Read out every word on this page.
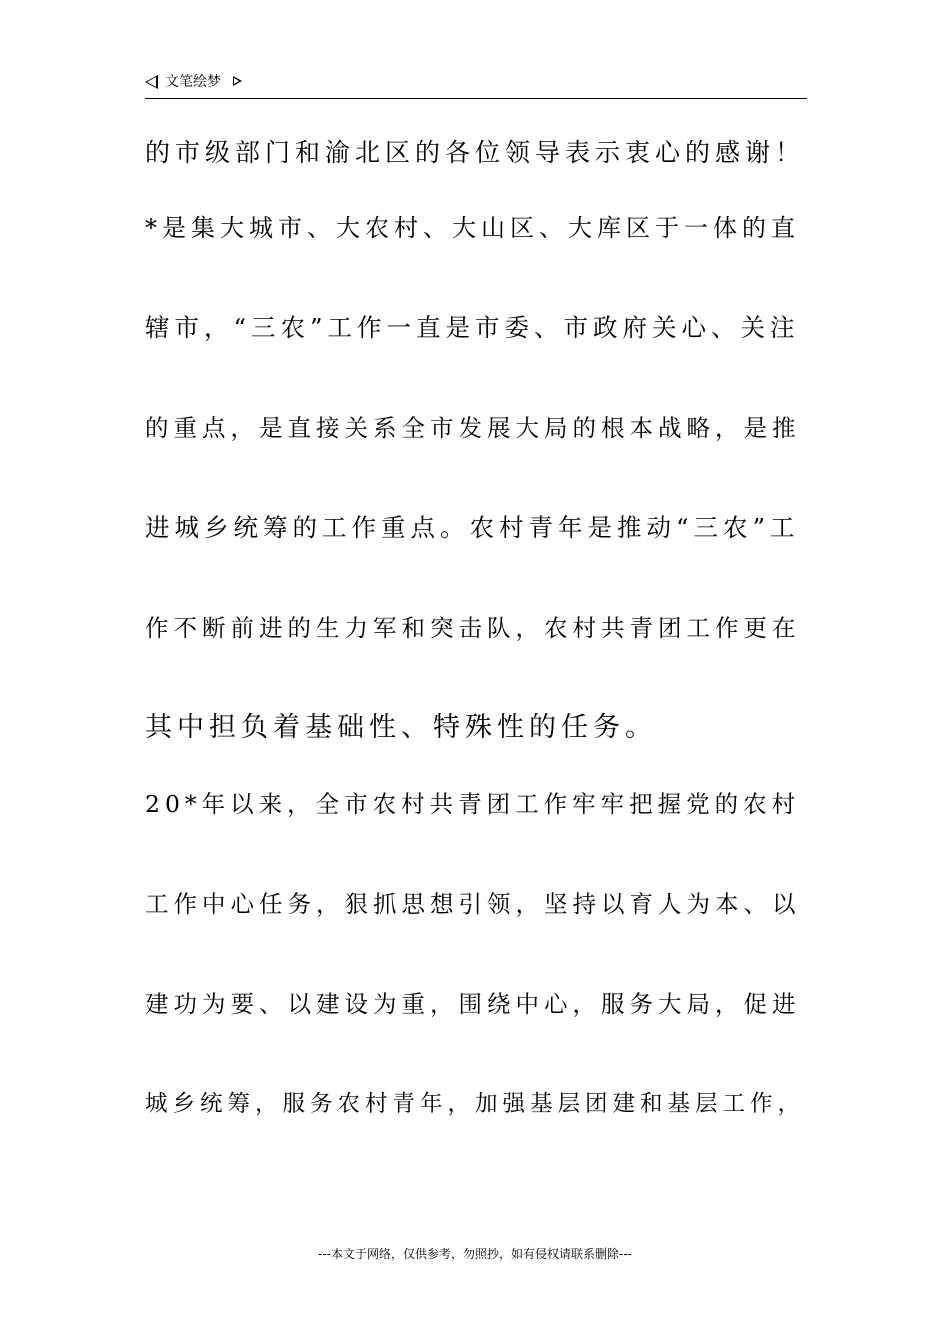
文笔绘梦
的市级部门和渝北区的各位领导表示衷心的感谢！
*是集大城市、大农村、大山区、大库区于一体的直
辖市，“三农”工作一直是市委、市政府关心、关注
的重点，是直接关系全市发展大局的根本战略，是推
进城乡统筹的工作重点。农村青年是推动“三农”工
作不断前进的生力军和突击队，农村共青团工作更在
其中担负着基础性、特殊性的任务。
20*年以来，全市农村共青团工作牢牢把握党的农村
工作中心任务，狠抓思想引领，坚持以育人为本、以
建功为要、以建设为重，围绕中心，服务大局，促进
城乡统筹，服务农村青年，加强基层团建和基层工作，
---本文于网络，仅供参考，勿照抄，如有侵权请联系删除---
